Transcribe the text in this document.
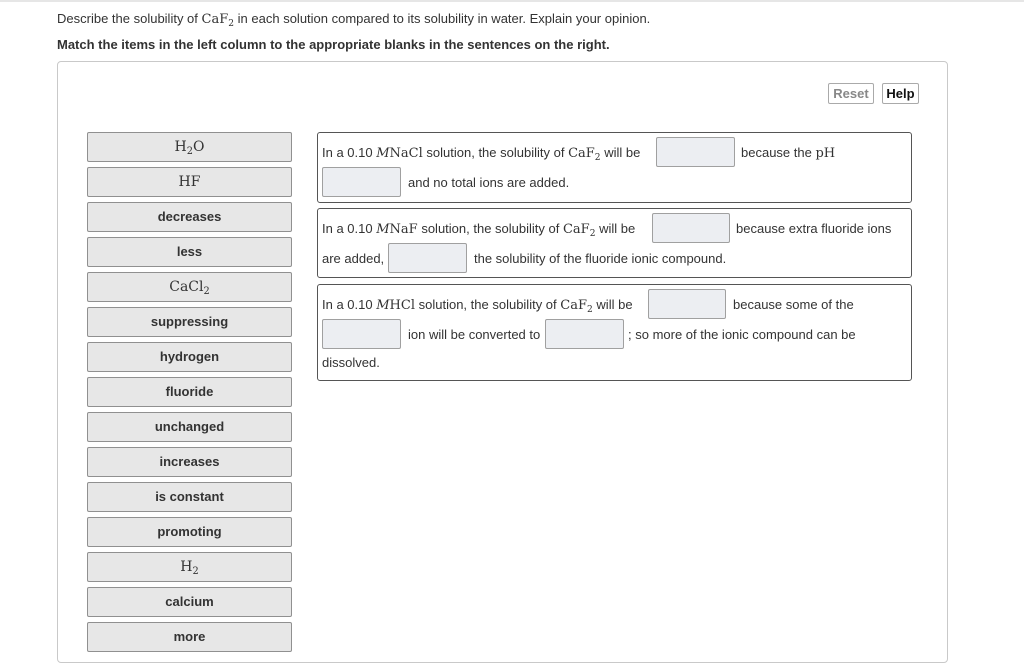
Describe the solubility of CaF$_2$ in each solution compared to its solubility in water. Explain your opinion.
Match the items in the left column to the appropriate blanks in the sentences on the right.
Reset	Help
$H_2O$
HF
decreases
less
CaCl$_2$
suppressing
hydrogen
fluoride
unchanged
increases
is constant
promoting
$H_2$
calcium
more
In a 0.10 MNaCl solution, the solubility of CaF$_2$ will be	because the pH
and no total ions are added.
In a 0.10 MNaF solution, the solubility of CaF$_2$ will be	because extra fluoride ions
are added,	the solubility of the fluoride ionic compound.
In a 0.10 MHCl solution, the solubility of CaF$_2$ will be	because some of the
ion will be converted to	; so more of the ionic compound can be
dissolved.
